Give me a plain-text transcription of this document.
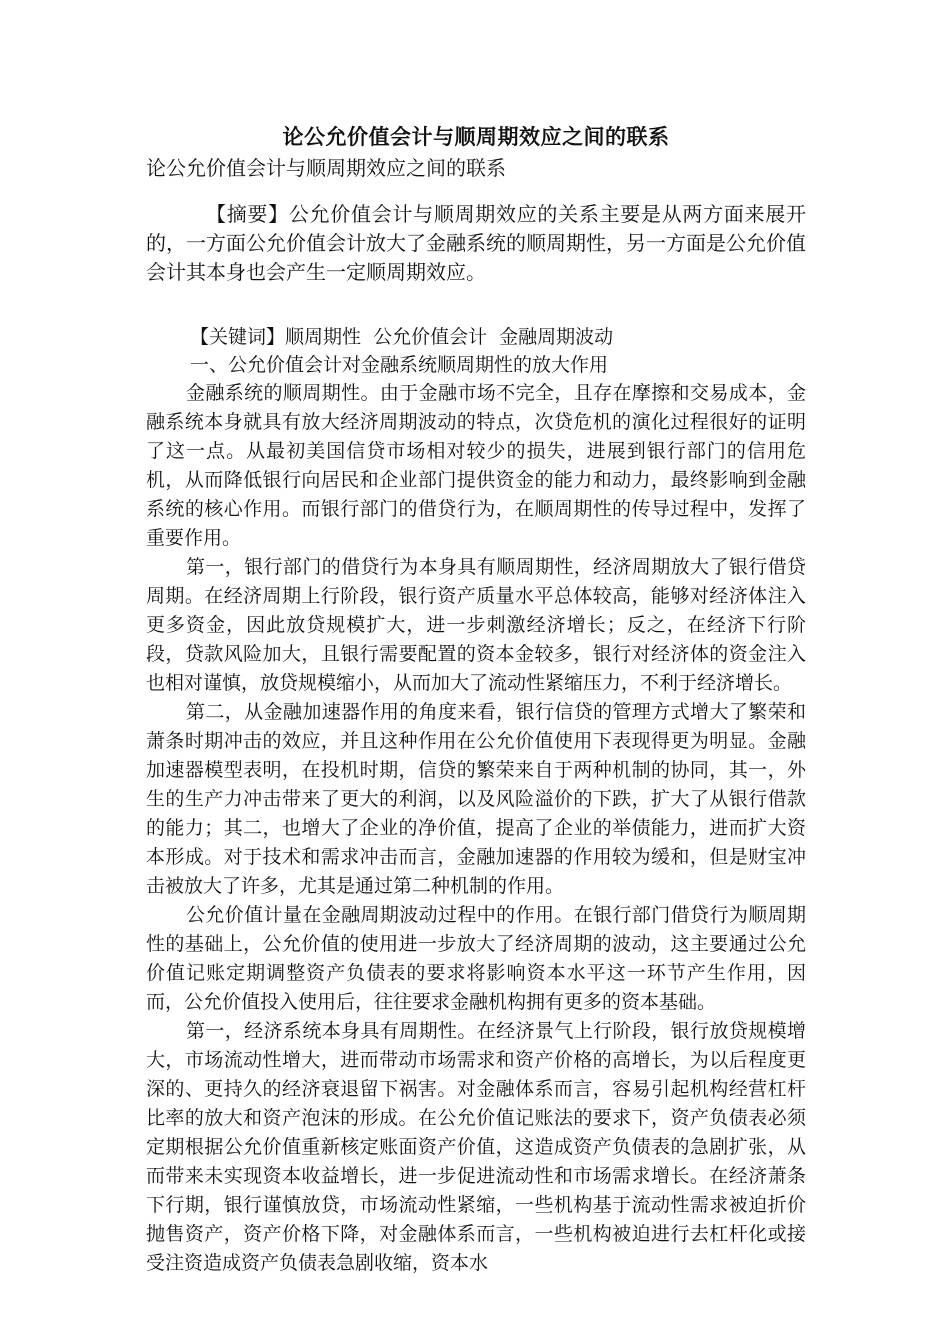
论公允价值会计与顺周期效应之间的联系

论公允价值会计与顺周期效应之间的联系

【摘要】公允价值会计与顺周期效应的关系主要是从两方面来展开的，一方面公允价值会计放大了金融系统的顺周期性，另一方面是公允价值会计其本身也会产生一定顺周期效应。

【关键词】顺周期性  公允价值会计  金融周期波动

一、公允价值会计对金融系统顺周期性的放大作用

金融系统的顺周期性。由于金融市场不完全，且存在摩擦和交易成本，金融系统本身就具有放大经济周期波动的特点，次贷危机的演化过程很好的证明了这一点。从最初美国信贷市场相对较少的损失，进展到银行部门的信用危机，从而降低银行向居民和企业部门提供资金的能力和动力，最终影响到金融系统的核心作用。而银行部门的借贷行为，在顺周期性的传导过程中，发挥了重要作用。

第一，银行部门的借贷行为本身具有顺周期性，经济周期放大了银行借贷周期。在经济周期上行阶段，银行资产质量水平总体较高，能够对经济体注入更多资金，因此放贷规模扩大，进一步刺激经济增长；反之，在经济下行阶段，贷款风险加大，且银行需要配置的资本金较多，银行对经济体的资金注入也相对谨慎，放贷规模缩小，从而加大了流动性紧缩压力，不利于经济增长。

第二，从金融加速器作用的角度来看，银行信贷的管理方式增大了繁荣和萧条时期冲击的效应，并且这种作用在公允价值使用下表现得更为明显。金融加速器模型表明，在投机时期，信贷的繁荣来自于两种机制的协同，其一，外生的生产力冲击带来了更大的利润，以及风险溢价的下跌，扩大了从银行借款的能力；其二，也增大了企业的净价值，提高了企业的举债能力，进而扩大资本形成。对于技术和需求冲击而言，金融加速器的作用较为缓和，但是财宝冲击被放大了许多，尤其是通过第二种机制的作用。

公允价值计量在金融周期波动过程中的作用。在银行部门借贷行为顺周期性的基础上，公允价值的使用进一步放大了经济周期的波动，这主要通过公允价值记账定期调整资产负债表的要求将影响资本水平这一环节产生作用，因而，公允价值投入使用后，往往要求金融机构拥有更多的资本基础。

第一，经济系统本身具有周期性。在经济景气上行阶段，银行放贷规模增大，市场流动性增大，进而带动市场需求和资产价格的高增长，为以后程度更深的、更持久的经济衰退留下祸害。对金融体系而言，容易引起机构经营杠杆比率的放大和资产泡沫的形成。在公允价值记账法的要求下，资产负债表必须定期根据公允价值重新核定账面资产价值，这造成资产负债表的急剧扩张，从而带来未实现资本收益增长，进一步促进流动性和市场需求增长。在经济萧条下行期，银行谨慎放贷，市场流动性紧缩，一些机构基于流动性需求被迫折价抛售资产，资产价格下降，对金融体系而言，一些机构被迫进行去杠杆化或接受注资造成资产负债表急剧收缩，资本水
